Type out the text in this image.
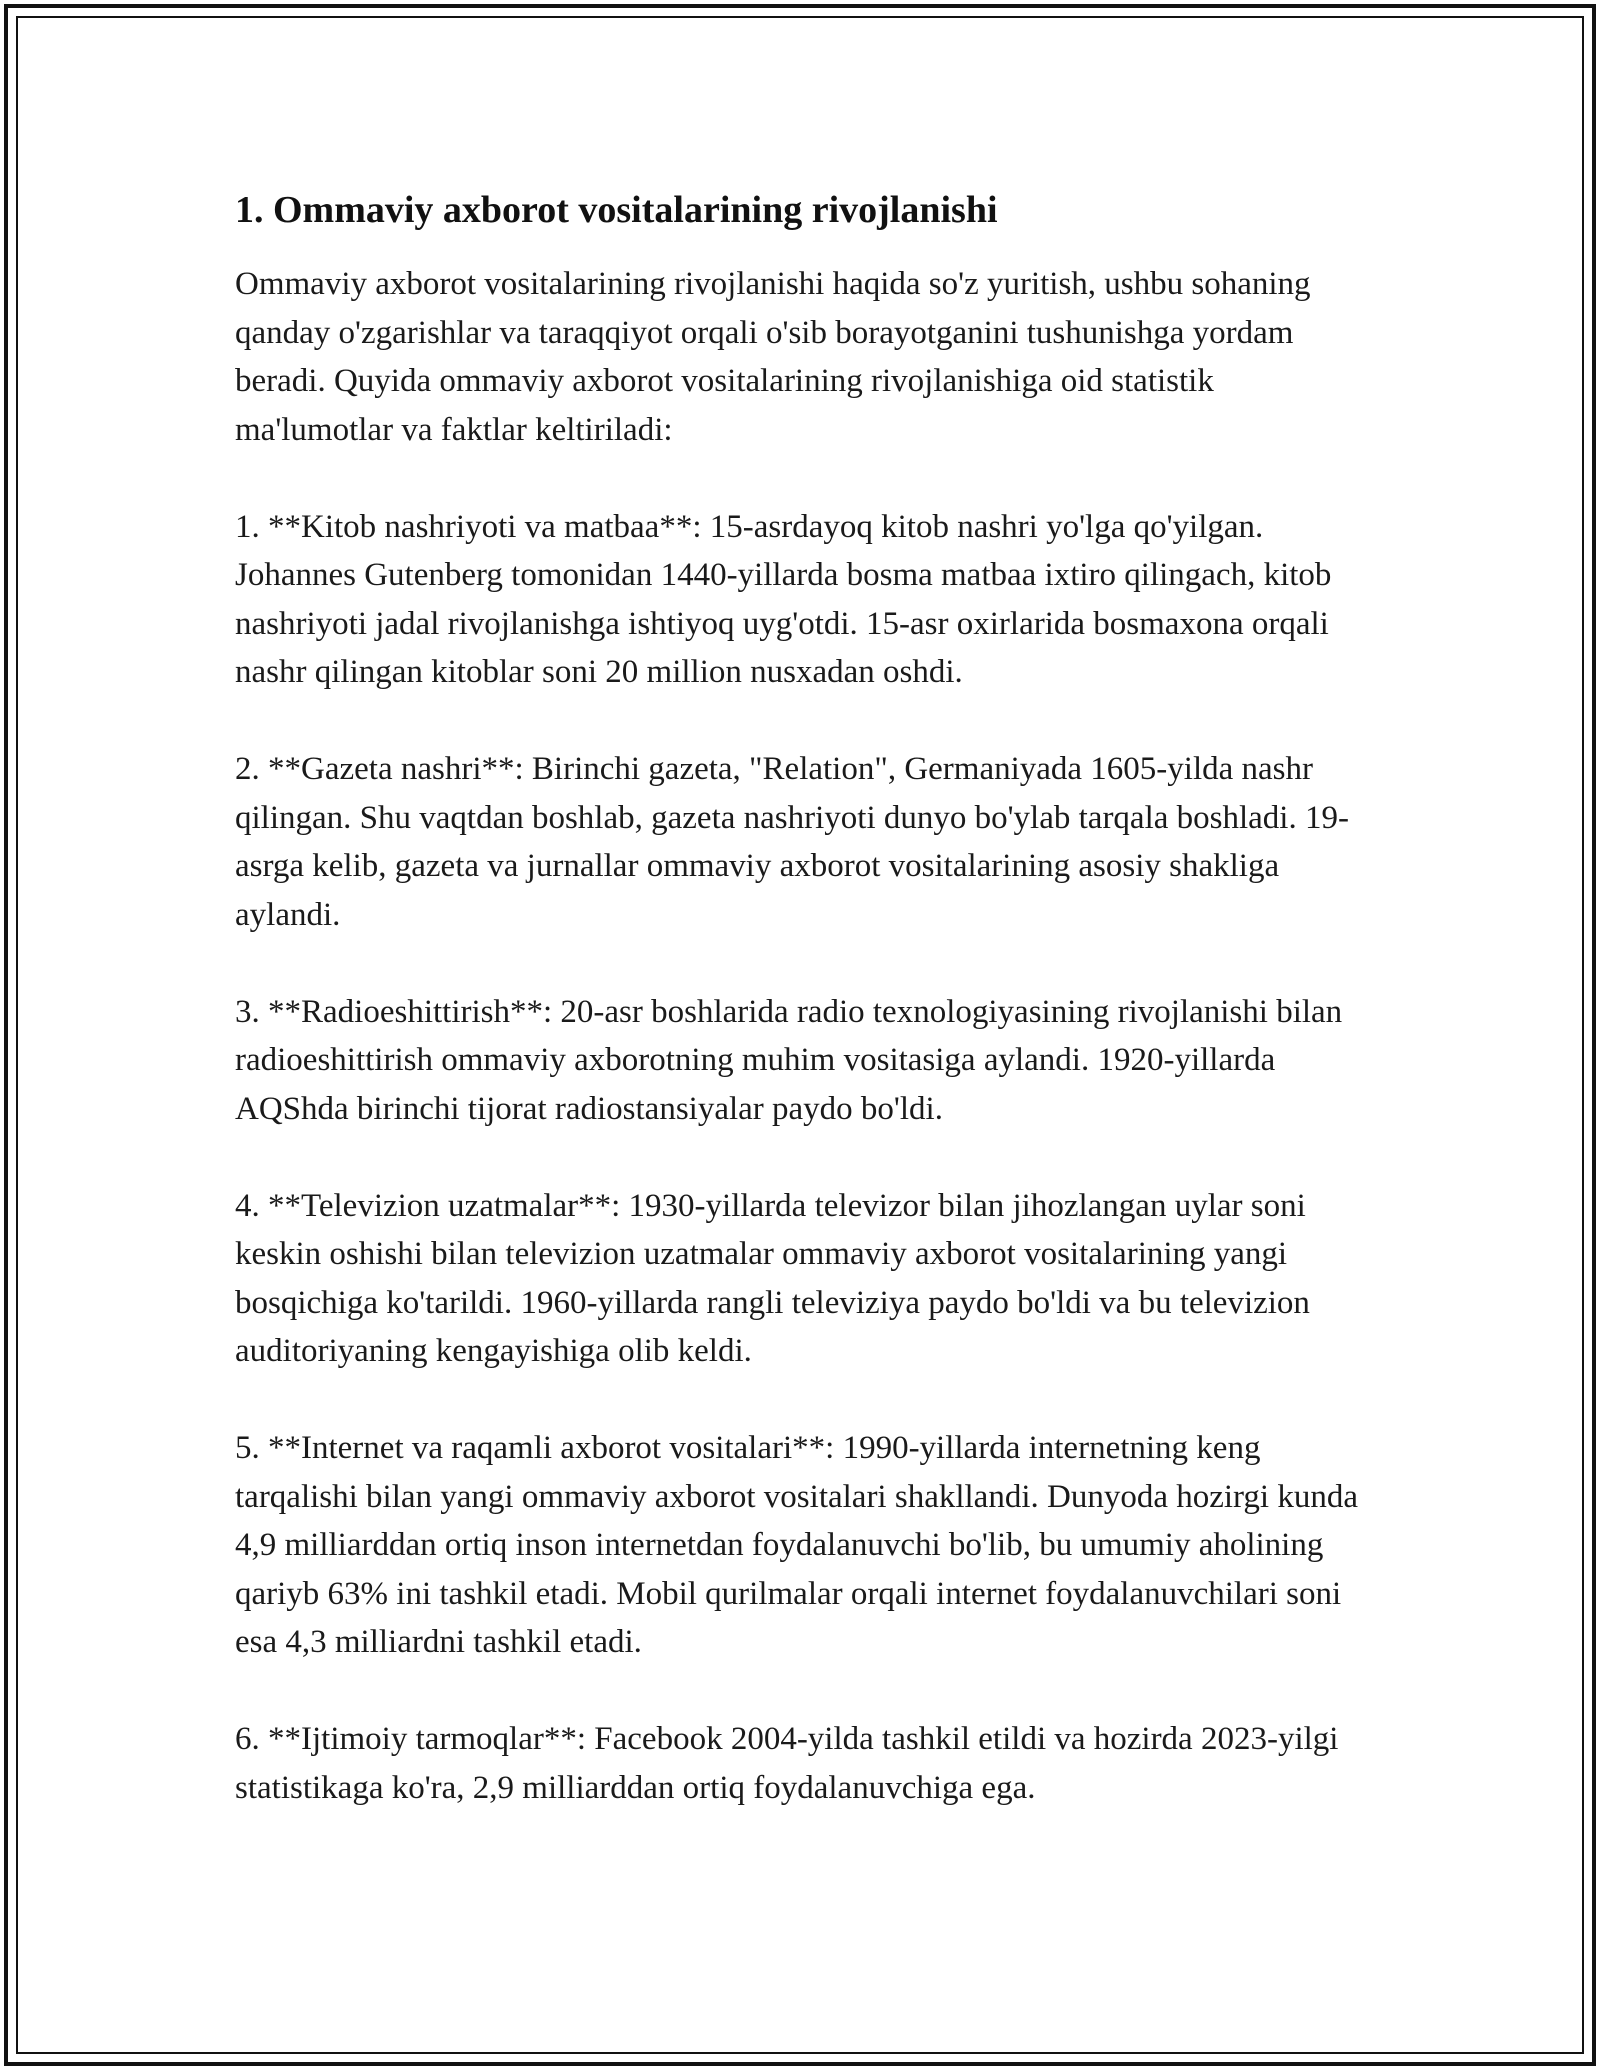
1. Ommaviy axborot vositalarining rivojlanishi

Ommaviy axborot vositalarining rivojlanishi haqida so'z yuritish, ushbu sohaning qanday o'zgarishlar va taraqqiyot orqali o'sib borayotganini tushunishga yordam beradi. Quyida ommaviy axborot vositalarining rivojlanishiga oid statistik ma'lumotlar va faktlar keltiriladi:

1. **Kitob nashriyoti va matbaa**: 15-asrdayoq kitob nashri yo'lga qo'yilgan. Johannes Gutenberg tomonidan 1440-yillarda bosma matbaa ixtiro qilingach, kitob nashriyoti jadal rivojlanishga ishtiyoq uyg'otdi. 15-asr oxirlarida bosmaxona orqali nashr qilingan kitoblar soni 20 million nusxadan oshdi.

2. **Gazeta nashri**: Birinchi gazeta, "Relation", Germaniyada 1605-yilda nashr qilingan. Shu vaqtdan boshlab, gazeta nashriyoti dunyo bo'ylab tarqala boshladi. 19-asrga kelib, gazeta va jurnallar ommaviy axborot vositalarining asosiy shakliga aylandi.

3. **Radioeshittirish**: 20-asr boshlarida radio texnologiyasining rivojlanishi bilan radioeshittirish ommaviy axborotning muhim vositasiga aylandi. 1920-yillarda AQShda birinchi tijorat radiostansiyalar paydo bo'ldi.

4. **Televizion uzatmalar**: 1930-yillarda televizor bilan jihozlangan uylar soni keskin oshishi bilan televizion uzatmalar ommaviy axborot vositalarining yangi bosqichiga ko'tarildi. 1960-yillarda rangli televiziya paydo bo'ldi va bu televizion auditoriyaning kengayishiga olib keldi.

5. **Internet va raqamli axborot vositalari**: 1990-yillarda internetning keng tarqalishi bilan yangi ommaviy axborot vositalari shakllandi. Dunyoda hozirgi kunda 4,9 milliarddan ortiq inson internetdan foydalanuvchi bo'lib, bu umumiy aholining qariyb 63% ini tashkil etadi. Mobil qurilmalar orqali internet foydalanuvchilari soni esa 4,3 milliardni tashkil etadi.

6. **Ijtimoiy tarmoqlar**: Facebook 2004-yilda tashkil etildi va hozirda 2023-yilgi statistikaga ko'ra, 2,9 milliarddan ortiq foydalanuvchiga ega.
